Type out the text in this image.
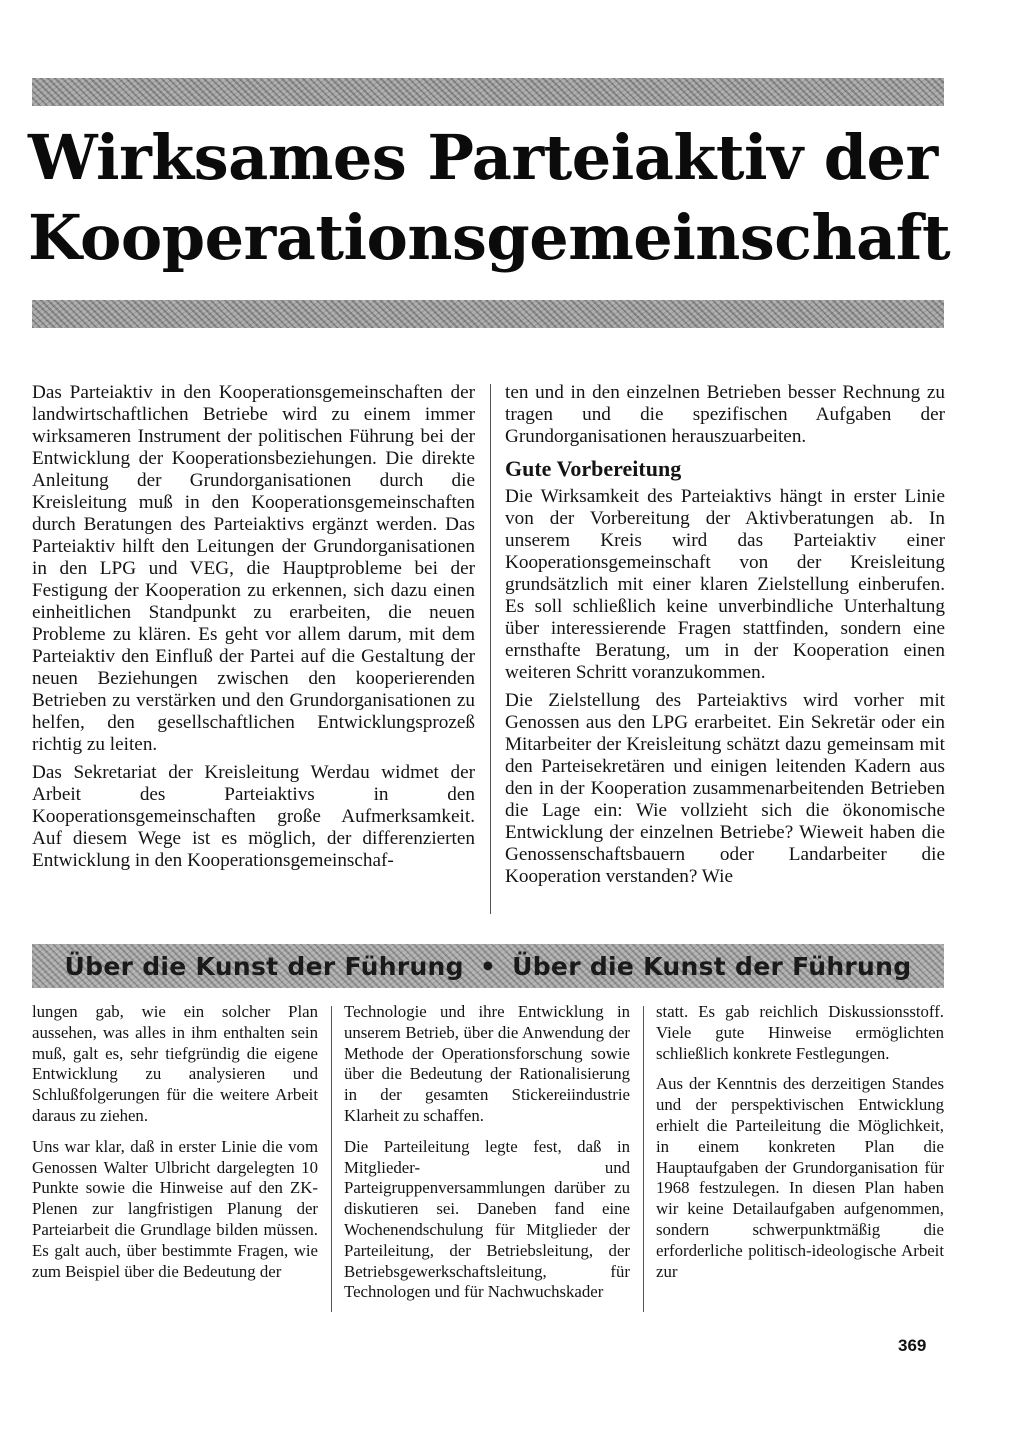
Wirksames Parteiaktiv der Kooperationsgemeinschaft

Das Parteiaktiv in den Kooperationsgemeinschaften der landwirtschaftlichen Betriebe wird zu einem immer wirksameren Instrument der politischen Führung bei der Entwicklung der Kooperationsbeziehungen. Die direkte Anleitung der Grundorganisationen durch die Kreisleitung muß in den Kooperationsgemeinschaften durch Beratungen des Parteiaktivs ergänzt werden. Das Parteiaktiv hilft den Leitungen der Grundorganisationen in den LPG und VEG, die Hauptprobleme bei der Festigung der Kooperation zu erkennen, sich dazu einen einheitlichen Standpunkt zu erarbeiten, die neuen Probleme zu klären. Es geht vor allem darum, mit dem Parteiaktiv den Einfluß der Partei auf die Gestaltung der neuen Beziehungen zwischen den kooperierenden Betrieben zu verstärken und den Grundorganisationen zu helfen, den gesellschaftlichen Entwicklungsprozeß richtig zu leiten.

Das Sekretariat der Kreisleitung Werdau widmet der Arbeit des Parteiaktivs in den Kooperationsgemeinschaften große Aufmerksamkeit. Auf diesem Wege ist es möglich, der differenzierten Entwicklung in den Kooperationsgemeinschaf-

ten und in den einzelnen Betrieben besser Rechnung zu tragen und die spezifischen Aufgaben der Grundorganisationen herauszuarbeiten.

Gute Vorbereitung

Die Wirksamkeit des Parteiaktivs hängt in erster Linie von der Vorbereitung der Aktivberatungen ab. In unserem Kreis wird das Parteiaktiv einer Kooperationsgemeinschaft von der Kreisleitung grundsätzlich mit einer klaren Zielstellung einberufen. Es soll schließlich keine unverbindliche Unterhaltung über interessierende Fragen stattfinden, sondern eine ernsthafte Beratung, um in der Kooperation einen weiteren Schritt voranzukommen.

Die Zielstellung des Parteiaktivs wird vorher mit Genossen aus den LPG erarbeitet. Ein Sekretär oder ein Mitarbeiter der Kreisleitung schätzt dazu gemeinsam mit den Parteisekretären und einigen leitenden Kadern aus den in der Kooperation zusammenarbeitenden Betrieben die Lage ein: Wie vollzieht sich die ökonomische Entwicklung der einzelnen Betriebe? Wieweit haben die Genossenschaftsbauern oder Landarbeiter die Kooperation verstanden? Wie

Über die Kunst der Führung • Über die Kunst der Führung

lungen gab, wie ein solcher Plan aussehen, was alles in ihm enthalten sein muß, galt es, sehr tiefgründig die eigene Entwicklung zu analysieren und Schlußfolgerungen für die weitere Arbeit daraus zu ziehen.

Uns war klar, daß in erster Linie die vom Genossen Walter Ulbricht dargelegten 10 Punkte sowie die Hinweise auf den ZK-Plenen zur langfristigen Planung der Parteiarbeit die Grundlage bilden müssen. Es galt auch, über bestimmte Fragen, wie zum Beispiel über die Bedeutung der

Technologie und ihre Entwicklung in unserem Betrieb, über die Anwendung der Methode der Operationsforschung sowie über die Bedeutung der Rationalisierung in der gesamten Stickereiindustrie Klarheit zu schaffen.

Die Parteileitung legte fest, daß in Mitglieder- und Parteigruppenversammlungen darüber zu diskutieren sei. Daneben fand eine Wochenendschulung für Mitglieder der Parteileitung, der Betriebsleitung, der Betriebsgewerkschaftsleitung, für Technologen und für Nachwuchskader

statt. Es gab reichlich Diskussionsstoff. Viele gute Hinweise ermöglichten schließlich konkrete Festlegungen.

Aus der Kenntnis des derzeitigen Standes und der perspektivischen Entwicklung erhielt die Parteileitung die Möglichkeit, in einem konkreten Plan die Hauptaufgaben der Grundorganisation für 1968 festzulegen. In diesen Plan haben wir keine Detailaufgaben aufgenommen, sondern schwerpunktmäßig die erforderliche politisch-ideologische Arbeit zur

369
